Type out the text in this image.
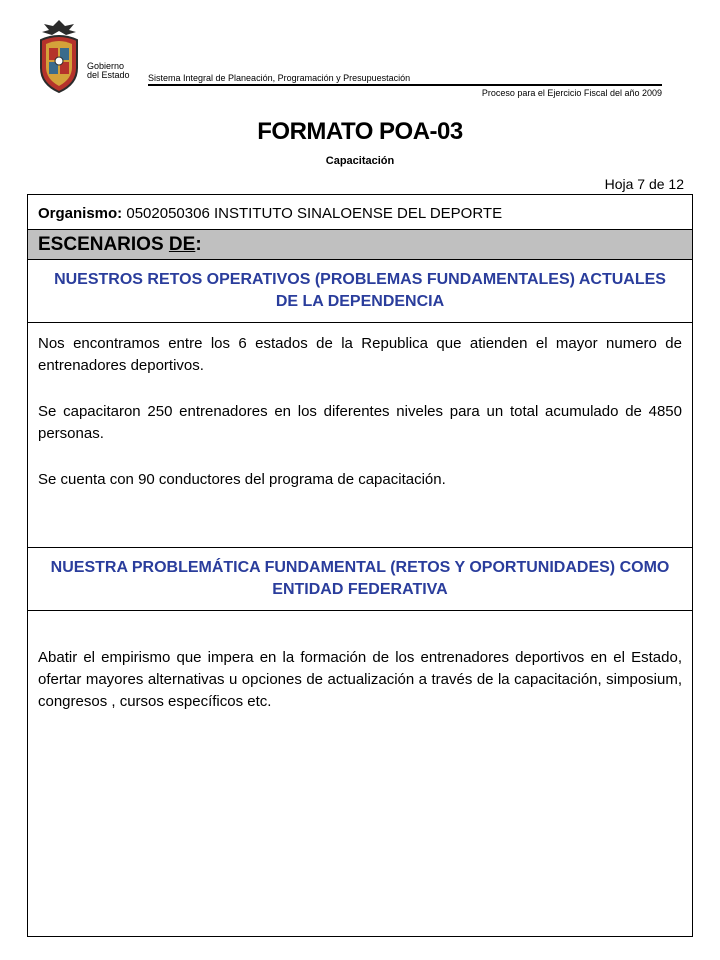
Gobierno
del Estado Sistema Integral de Planeación, Programación y Presupuestación
Proceso para el Ejercicio Fiscal del año 2009
FORMATO POA-03
Capacitación
Hoja 7 de 12
Organismo: 0502050306 INSTITUTO SINALOENSE DEL DEPORTE
ESCENARIOS DE:
NUESTROS RETOS OPERATIVOS (PROBLEMAS FUNDAMENTALES) ACTUALES DE LA DEPENDENCIA

Nos encontramos entre los 6 estados de la Republica que atienden el mayor numero de entrenadores deportivos.

Se capacitaron 250 entrenadores en los diferentes niveles para un total acumulado de 4850 personas.

Se cuenta con 90 conductores del programa de capacitación.

NUESTRA PROBLEMÁTICA FUNDAMENTAL (RETOS Y OPORTUNIDADES) COMO ENTIDAD FEDERATIVA

Abatir el empirismo que impera en la formación de los entrenadores deportivos en el Estado, ofertar mayores alternativas u opciones de actualización a través de la capacitación, simposium, congresos , cursos específicos etc.
